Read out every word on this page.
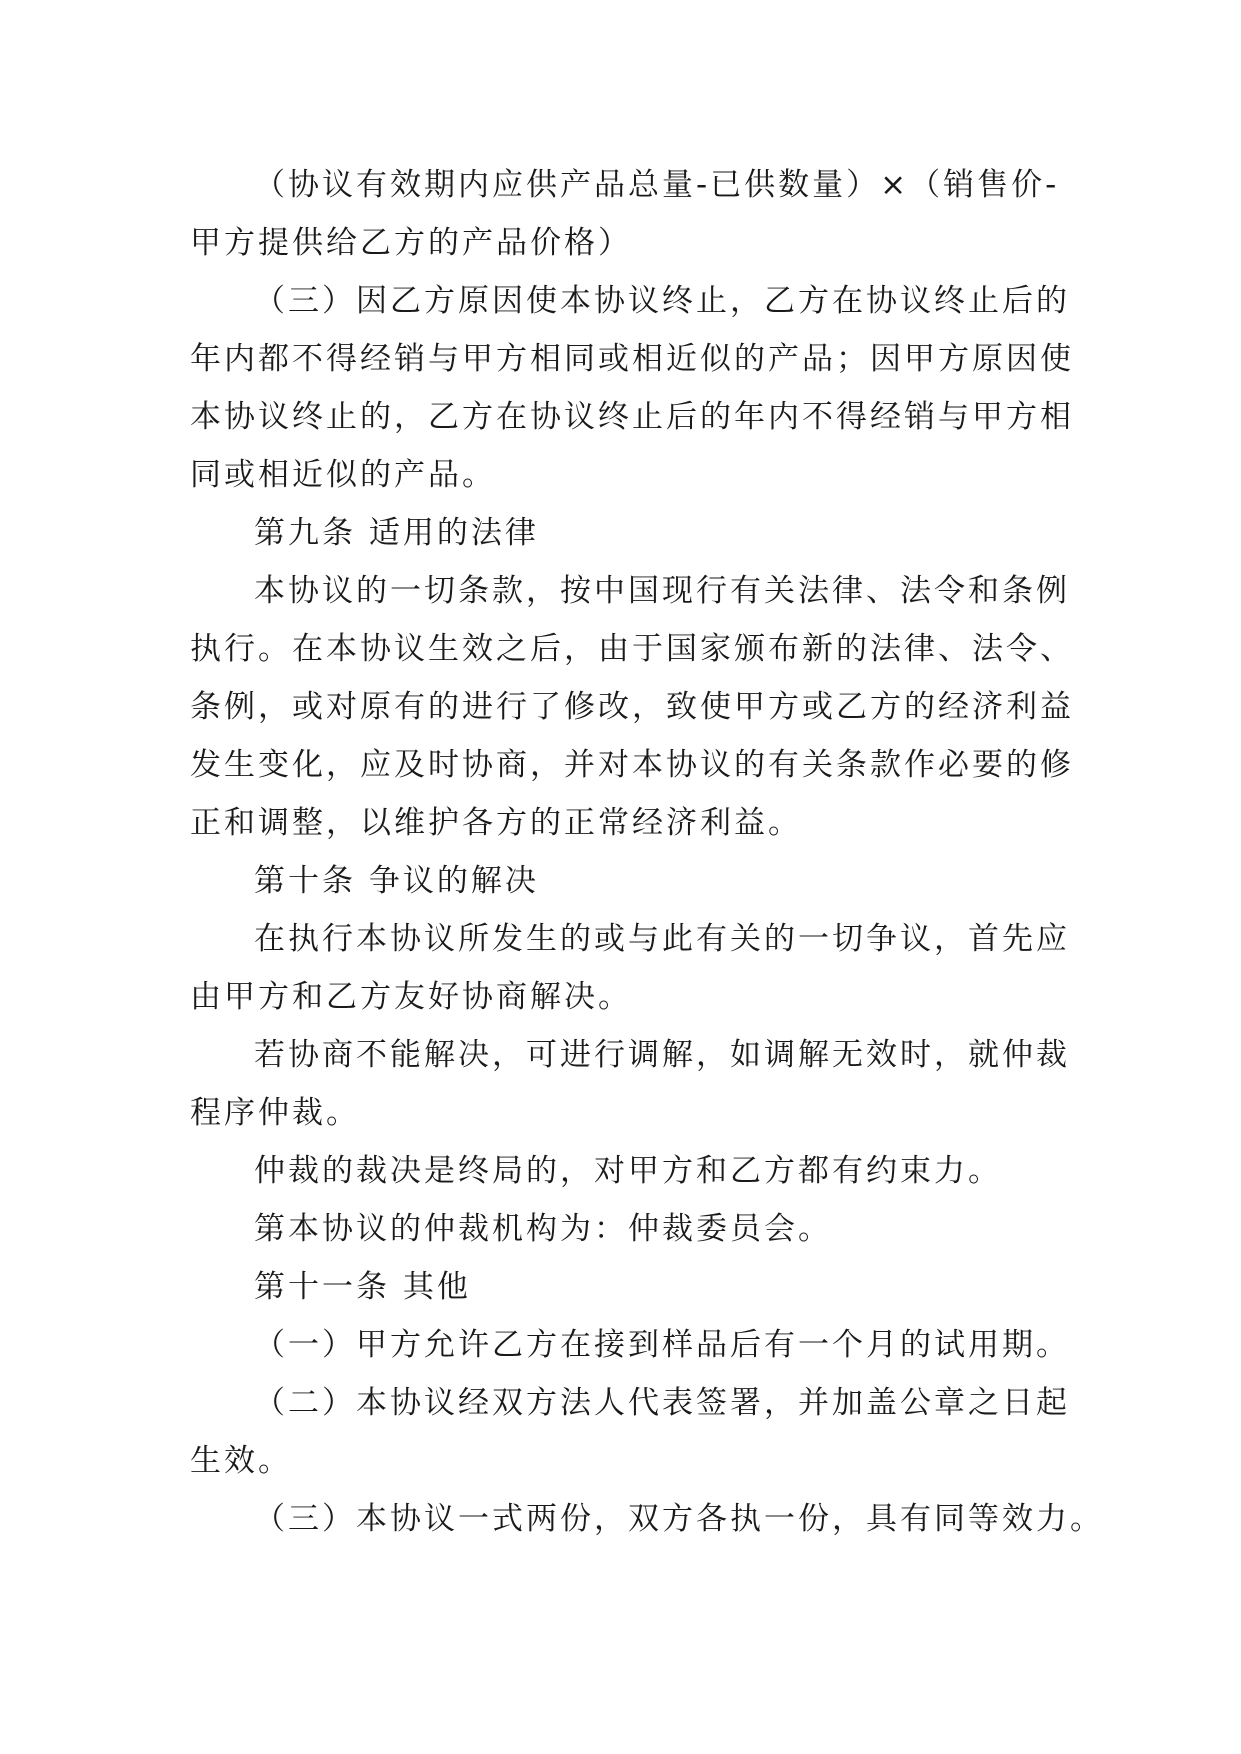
（协议有效期内应供产品总量-已供数量）×（销售价-
甲方提供给乙方的产品价格）
（三）因乙方原因使本协议终止，乙方在协议终止后的
年内都不得经销与甲方相同或相近似的产品；因甲方原因使
本协议终止的，乙方在协议终止后的年内不得经销与甲方相
同或相近似的产品。
第九条 适用的法律
本协议的一切条款，按中国现行有关法律、法令和条例
执行。在本协议生效之后，由于国家颁布新的法律、法令、
条例，或对原有的进行了修改，致使甲方或乙方的经济利益
发生变化，应及时协商，并对本协议的有关条款作必要的修
正和调整，以维护各方的正常经济利益。
第十条 争议的解决
在执行本协议所发生的或与此有关的一切争议，首先应
由甲方和乙方友好协商解决。
若协商不能解决，可进行调解，如调解无效时，就仲裁
程序仲裁。
仲裁的裁决是终局的，对甲方和乙方都有约束力。
第本协议的仲裁机构为：仲裁委员会。
第十一条 其他
（一）甲方允许乙方在接到样品后有一个月的试用期。
（二）本协议经双方法人代表签署，并加盖公章之日起
生效。
（三）本协议一式两份，双方各执一份，具有同等效力。
